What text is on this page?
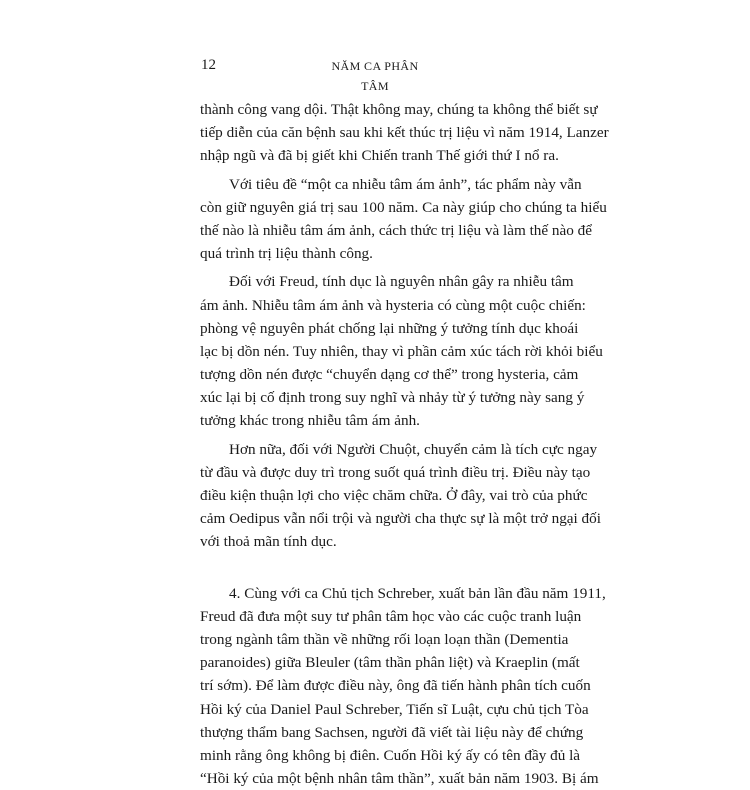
12	NĂM CA PHÂN TÂM
thành công vang dội. Thật không may, chúng ta không thể biết sự
tiếp diễn của căn bệnh sau khi kết thúc trị liệu vì năm 1914, Lanzer
nhập ngũ và đã bị giết khi Chiến tranh Thế giới thứ I nổ ra.
Với tiêu đề “một ca nhiễu tâm ám ảnh”, tác phẩm này vẫn
còn giữ nguyên giá trị sau 100 năm. Ca này giúp cho chúng ta hiểu
thế nào là nhiễu tâm ám ảnh, cách thức trị liệu và làm thế nào để
quá trình trị liệu thành công.
Đối với Freud, tính dục là nguyên nhân gây ra nhiễu tâm
ám ảnh. Nhiễu tâm ám ảnh và hysteria có cùng một cuộc chiến:
phòng vệ nguyên phát chống lại những ý tưởng tính dục khoái
lạc bị dồn nén. Tuy nhiên, thay vì phần cảm xúc tách rời khỏi biểu
tượng dồn nén được “chuyển dạng cơ thể” trong hysteria, cảm
xúc lại bị cố định trong suy nghĩ và nhảy từ ý tưởng này sang ý
tưởng khác trong nhiễu tâm ám ảnh.
Hơn nữa, đối với Người Chuột, chuyển cảm là tích cực ngay
từ đầu và được duy trì trong suốt quá trình điều trị. Điều này tạo
điều kiện thuận lợi cho việc chăm chữa. Ở đây, vai trò của phức
cảm Oedipus vẫn nổi trội và người cha thực sự là một trở ngại đối
với thoả mãn tính dục.
4. Cùng với ca Chủ tịch Schreber, xuất bản lần đầu năm 1911,
Freud đã đưa một suy tư phân tâm học vào các cuộc tranh luận
trong ngành tâm thần về những rối loạn loạn thần (Dementia
paranoides) giữa Bleuler (tâm thần phân liệt) và Kraeplin (mất
trí sớm). Để làm được điều này, ông đã tiến hành phân tích cuốn
Hồi ký của Daniel Paul Schreber, Tiến sĩ Luật, cựu chủ tịch Tòa
thượng thẩm bang Sachsen, người đã viết tài liệu này để chứng
minh rằng ông không bị điên. Cuốn Hồi ký ấy có tên đầy đủ là
“Hồi ký của một bệnh nhân tâm thần”, xuất bản năm 1903. Bị ám
